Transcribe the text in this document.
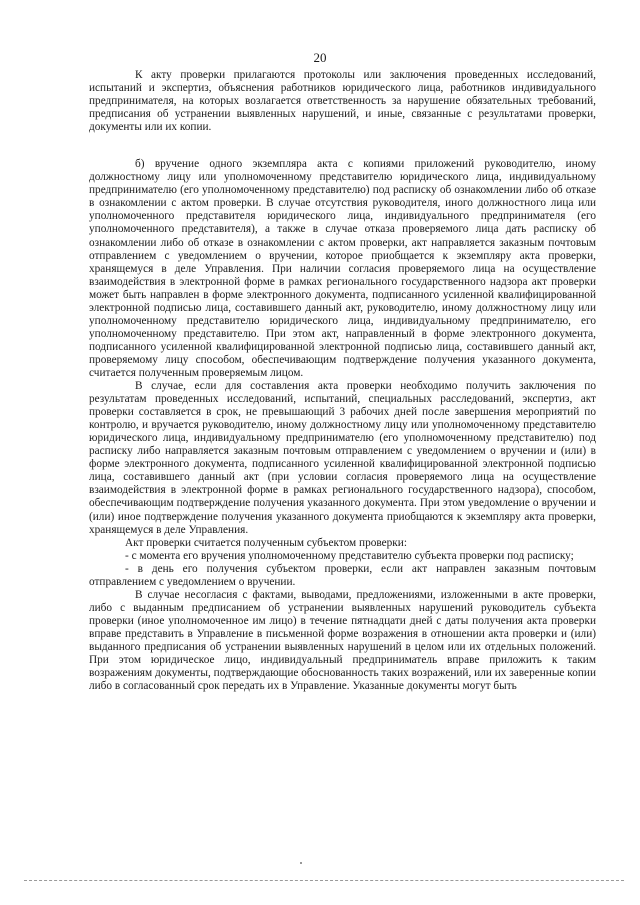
20

К акту проверки прилагаются протоколы или заключения проведенных исследований, испытаний и экспертиз, объяснения работников юридического лица, работников индивидуального предпринимателя, на которых возлагается ответственность за нарушение обязательных требований, предписания об устранении выявленных нарушений, и иные, связанные с результатами проверки, документы или их копии.

б) вручение одного экземпляра акта с копиями приложений руководителю, иному должностному лицу или уполномоченному представителю юридического лица, индивидуальному предпринимателю (его уполномоченному представителю) под расписку об ознакомлении либо об отказе в ознакомлении с актом проверки. В случае отсутствия руководителя, иного должностного лица или уполномоченного представителя юридического лица, индивидуального предпринимателя (его уполномоченного представителя), а также в случае отказа проверяемого лица дать расписку об ознакомлении либо об отказе в ознакомлении с актом проверки, акт направляется заказным почтовым отправлением с уведомлением о вручении, которое приобщается к экземпляру акта проверки, хранящемуся в деле Управления. При наличии согласия проверяемого лица на осуществление взаимодействия в электронной форме в рамках регионального государственного надзора акт проверки может быть направлен в форме электронного документа, подписанного усиленной квалифицированной электронной подписью лица, составившего данный акт, руководителю, иному должностному лицу или уполномоченному представителю юридического лица, индивидуальному предпринимателю, его уполномоченному представителю. При этом акт, направленный в форме электронного документа, подписанного усиленной квалифицированной электронной подписью лица, составившего данный акт, проверяемому лицу способом, обеспечивающим подтверждение получения указанного документа, считается полученным проверяемым лицом.

В случае, если для составления акта проверки необходимо получить заключения по результатам проведенных исследований, испытаний, специальных расследований, экспертиз, акт проверки составляется в срок, не превышающий 3 рабочих дней после завершения мероприятий по контролю, и вручается руководителю, иному должностному лицу или уполномоченному представителю юридического лица, индивидуальному предпринимателю (его уполномоченному представителю) под расписку либо направляется заказным почтовым отправлением с уведомлением о вручении и (или) в форме электронного документа, подписанного усиленной квалифицированной электронной подписью лица, составившего данный акт (при условии согласия проверяемого лица на осуществление взаимодействия в электронной форме в рамках регионального государственного надзора), способом, обеспечивающим подтверждение получения указанного документа. При этом уведомление о вручении и (или) иное подтверждение получения указанного документа приобщаются к экземпляру акта проверки, хранящемуся в деле Управления.

Акт проверки считается полученным субъектом проверки:

- с момента его вручения уполномоченному представителю субъекта проверки под расписку;

- в день его получения субъектом проверки, если акт направлен заказным почтовым отправлением с уведомлением о вручении.

В случае несогласия с фактами, выводами, предложениями, изложенными в акте проверки, либо с выданным предписанием об устранении выявленных нарушений руководитель субъекта проверки (иное уполномоченное им лицо) в течение пятнадцати дней с даты получения акта проверки вправе представить в Управление в письменной форме возражения в отношении акта проверки и (или) выданного предписания об устранении выявленных нарушений в целом или их отдельных положений. При этом юридическое лицо, индивидуальный предприниматель вправе приложить к таким возражениям документы, подтверждающие обоснованность таких возражений, или их заверенные копии либо в согласованный срок передать их в Управление. Указанные документы могут быть
